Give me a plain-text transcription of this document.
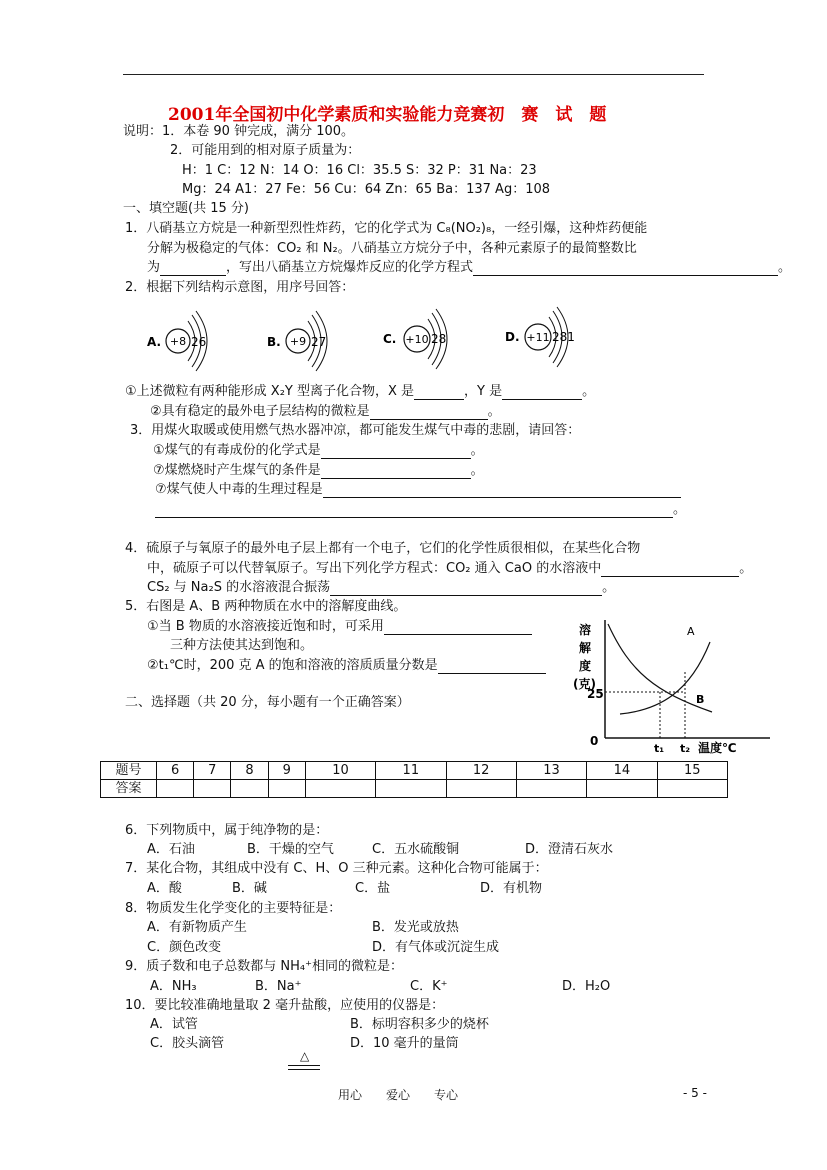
2001年全国初中化学素质和实验能力竞赛初　赛　试　题
说明：1．本卷 90 钟完成，满分 100。
2．可能用到的相对原子质量为：
H：1 C：12 N：14 O：16 Cl：35.5 S：32 P：31 Na：23
Mg：24 A1：27 Fe：56 Cu：64 Zn：65 Ba：137 Ag：108
一、填空题(共 15 分)
1．八硝基立方烷是一种新型烈性炸药，它的化学式为 C₈(NO₂)₈，一经引爆，这种炸药便能
分解为极稳定的气体：CO₂ 和 N₂。八硝基立方烷分子中，各种元素原子的最简整数比
为	，写出八硝基立方烷爆炸反应的化学方程式	。
2．根据下列结构示意图，用序号回答：
A. +8 26	B. +9 27	C. +10 28	D. +11 281
①上述微粒有两种能形成 X₂Y 型离子化合物，X 是	，Y 是	。
②具有稳定的最外电子层结构的微粒是	。
3．用煤火取暖或使用燃气热水器冲凉，都可能发生煤气中毒的悲剧，请回答：
①煤气的有毒成份的化学式是	。
⑦煤燃烧时产生煤气的条件是	。
⑦煤气使人中毒的生理过程是
。
4．硫原子与氧原子的最外电子层上都有一个电子，它们的化学性质很相似，在某些化合物
中，硫原子可以代替氧原子。写出下列化学方程式：CO₂ 通入 CaO 的水溶液中	。
CS₂ 与 Na₂S 的水溶液混合振荡	。
5．右图是 A、B 两种物质在水中的溶解度曲线。
①当 B 物质的水溶液接近饱和时，可采用
三种方法使其达到饱和。
②t₁℃时，200 克 A 的饱和溶液的溶质质量分数是
溶
解
度
(克)
25
0
A
B
t₁ t₂ 温度℃
二、选择题（共 20 分，每小题有一个正确答案）
题号	6	7	8	9	10	11	12	13	14	15
答案										
6．下列物质中，属于纯净物的是：
A．石油	B．干燥的空气	C．五水硫酸铜	D．澄清石灰水
7．某化合物，其组成中没有 C、H、O 三种元素。这种化合物可能属于：
A．酸	B．碱	C．盐	D．有机物
8．物质发生化学变化的主要特征是：
A．有新物质产生	B．发光或放热
C．颜色改变	D．有气体或沉淀生成
9．质子数和电子总数都与 NH₄⁺相同的微粒是：
A．NH₃	B．Na⁺	C．K⁺	D．H₂O
10．要比较准确地量取 2 毫升盐酸，应使用的仪器是：
A．试管	B．标明容积多少的烧杯
C．胶头滴管	D．10 毫升的量筒
△
用心　　爱心　　专心	- 5 -
